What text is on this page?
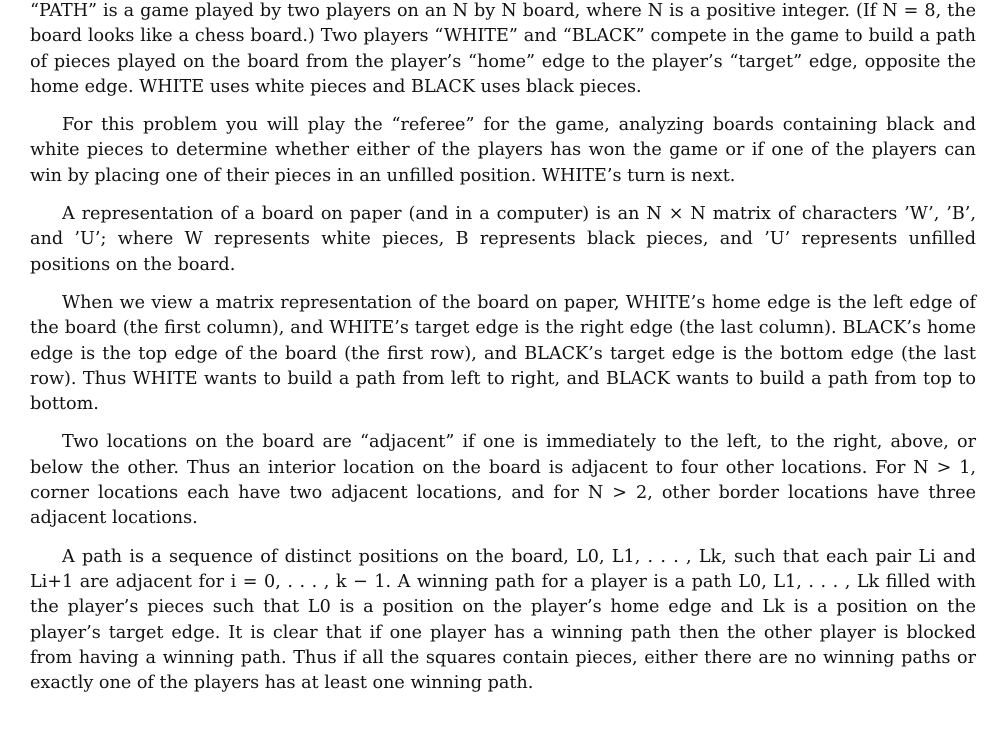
“PATH” is a game played by two players on an N by N board, where N is a positive integer. (If N = 8, the board looks like a chess board.) Two players “WHITE” and “BLACK” compete in the game to build a path of pieces played on the board from the player’s “home” edge to the player’s “target” edge, opposite the home edge. WHITE uses white pieces and BLACK uses black pieces.

For this problem you will play the “referee” for the game, analyzing boards containing black and white pieces to determine whether either of the players has won the game or if one of the players can win by placing one of their pieces in an unfilled position. WHITE’s turn is next.

A representation of a board on paper (and in a computer) is an N × N matrix of characters ’W’, ’B’, and ’U’; where W represents white pieces, B represents black pieces, and ’U’ represents unfilled positions on the board.

When we view a matrix representation of the board on paper, WHITE’s home edge is the left edge of the board (the first column), and WHITE’s target edge is the right edge (the last column). BLACK’s home edge is the top edge of the board (the first row), and BLACK’s target edge is the bottom edge (the last row). Thus WHITE wants to build a path from left to right, and BLACK wants to build a path from top to bottom.

Two locations on the board are “adjacent” if one is immediately to the left, to the right, above, or below the other. Thus an interior location on the board is adjacent to four other locations. For N > 1, corner locations each have two adjacent locations, and for N > 2, other border locations have three adjacent locations.

A path is a sequence of distinct positions on the board, L0, L1, . . . , Lk, such that each pair Li and Li+1 are adjacent for i = 0, . . . , k − 1. A winning path for a player is a path L0, L1, . . . , Lk filled with the player’s pieces such that L0 is a position on the player’s home edge and Lk is a position on the player’s target edge. It is clear that if one player has a winning path then the other player is blocked from having a winning path. Thus if all the squares contain pieces, either there are no winning paths or exactly one of the players has at least one winning path.
